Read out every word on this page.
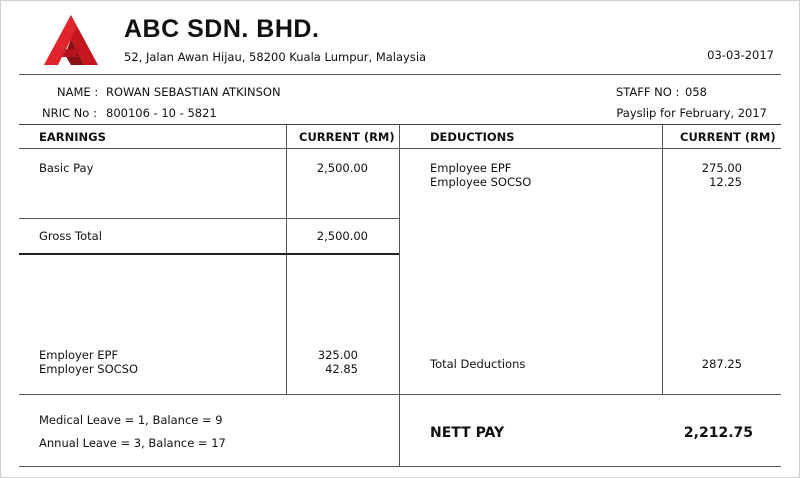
ABC SDN. BHD.
52, Jalan Awan Hijau, 58200 Kuala Lumpur, Malaysia	03-03-2017
NAME : ROWAN SEBASTIAN ATKINSON	STAFF NO : 058
NRIC No : 800106 - 10 - 5821	Payslip for February, 2017
EARNINGS	CURRENT (RM)	DEDUCTIONS	CURRENT (RM)
Basic Pay	2,500.00
Gross Total	2,500.00
Employer EPF	325.00
Employer SOCSO	42.85
Employee EPF	275.00
Employee SOCSO	12.25
Total Deductions	287.25
Medical Leave = 1, Balance = 9
Annual Leave = 3, Balance = 17
NETT PAY	2,212.75
